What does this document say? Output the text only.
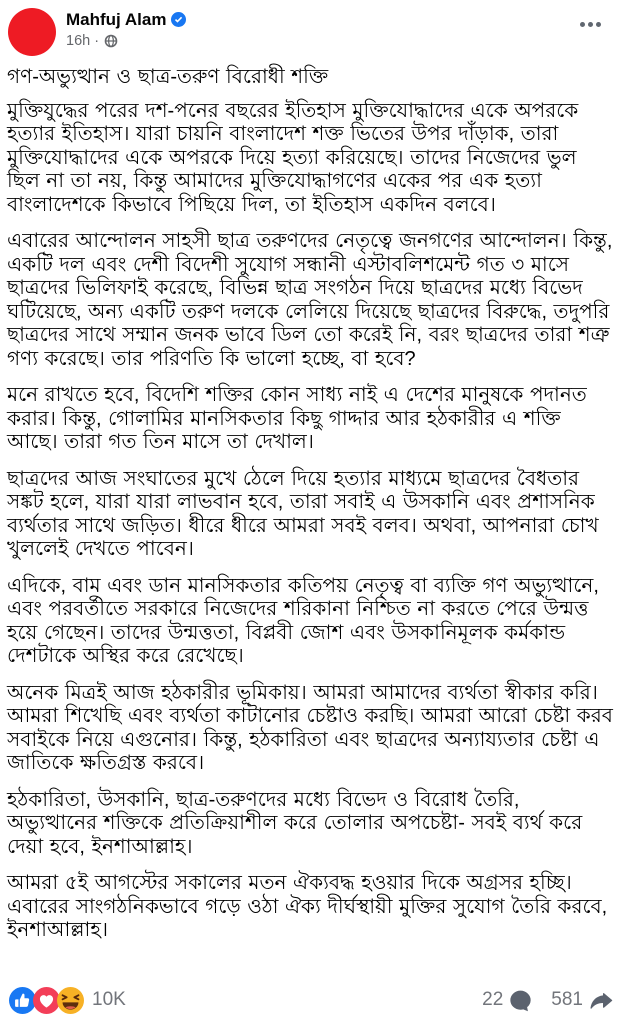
Mahfuj Alam
16h ·

গণ-অভ্যুত্থান ও ছাত্র-তরুণ বিরোধী শক্তি

মুক্তিযুদ্ধের পরের দশ-পনের বছরের ইতিহাস মুক্তিযোদ্ধাদের একে অপরকে হত্যার ইতিহাস। যারা চায়নি বাংলাদেশ শক্ত ভিতের উপর দাঁড়াক, তারা মুক্তিযোদ্ধাদের একে অপরকে দিয়ে হত্যা করিয়েছে। তাদের নিজেদের ভুল ছিল না তা নয়, কিন্তু আমাদের মুক্তিযোদ্ধাগণের একের পর এক হত্যা বাংলাদেশকে কিভাবে পিছিয়ে দিল, তা ইতিহাস একদিন বলবে।

এবারের আন্দোলন সাহসী ছাত্র তরুণদের নেতৃত্বে জনগণের আন্দোলন। কিন্তু, একটি দল এবং দেশী বিদেশী সুযোগ সন্ধানী এস্টাবলিশমেন্ট গত ৩ মাসে ছাত্রদের ভিলিফাই করেছে, বিভিন্ন ছাত্র সংগঠন দিয়ে ছাত্রদের মধ্যে বিভেদ ঘটিয়েছে, অন্য একটি তরুণ দলকে লেলিয়ে দিয়েছে ছাত্রদের বিরুদ্ধে, তদুপরি ছাত্রদের সাথে সম্মান জনক ভাবে ডিল তো করেই নি, বরং ছাত্রদের তারা শত্রু গণ্য করেছে। তার পরিণতি কি ভালো হচ্ছে, বা হবে?

মনে রাখতে হবে, বিদেশি শক্তির কোন সাধ্য নাই এ দেশের মানুষকে পদানত করার। কিন্তু, গোলামির মানসিকতার কিছু গাদ্দার আর হঠকারীর এ শক্তি আছে। তারা গত তিন মাসে তা দেখাল।

ছাত্রদের আজ সংঘাতের মুখে ঠেলে দিয়ে হত্যার মাধ্যমে ছাত্রদের বৈধতার সঙ্কট হলে, যারা যারা লাভবান হবে, তারা সবাই এ উসকানি এবং প্রশাসনিক ব্যর্থতার সাথে জড়িত। ধীরে ধীরে আমরা সবই বলব। অথবা, আপনারা চোখ খুললেই দেখতে পাবেন।

এদিকে, বাম এবং ডান মানসিকতার কতিপয় নেতৃত্ব বা ব্যক্তি গণ অভ্যুত্থানে, এবং পরবর্তীতে সরকারে নিজেদের শরিকানা নিশ্চিত না করতে পেরে উন্মত্ত হয়ে গেছেন। তাদের উন্মত্ততা, বিপ্লবী জোশ এবং উসকানিমূলক কর্মকান্ড দেশটাকে অস্থির করে রেখেছে।

অনেক মিত্রই আজ হঠকারীর ভূমিকায়। আমরা আমাদের ব্যর্থতা স্বীকার করি। আমরা শিখেছি এবং ব্যর্থতা কাটানোর চেষ্টাও করছি। আমরা আরো চেষ্টা করব সবাইকে নিয়ে এগুনোর। কিন্তু, হঠকারিতা এবং ছাত্রদের অন্যায্যতার চেষ্টা এ জাতিকে ক্ষতিগ্রস্ত করবে।

হঠকারিতা, উসকানি, ছাত্র-তরুণদের মধ্যে বিভেদ ও বিরোধ তৈরি, অভ্যুত্থানের শক্তিকে প্রতিক্রিয়াশীল করে তোলার অপচেষ্টা- সবই ব্যর্থ করে দেয়া হবে, ইনশাআল্লাহ।

আমরা ৫ই আগস্টের সকালের মতন ঐক্যবদ্ধ হওয়ার দিকে অগ্রসর হচ্ছি। এবারের সাংগঠনিকভাবে গড়ে ওঠা ঐক্য দীর্ঘস্থায়ী মুক্তির সুযোগ তৈরি করবে, ইনশাআল্লাহ।

10K	22	581
